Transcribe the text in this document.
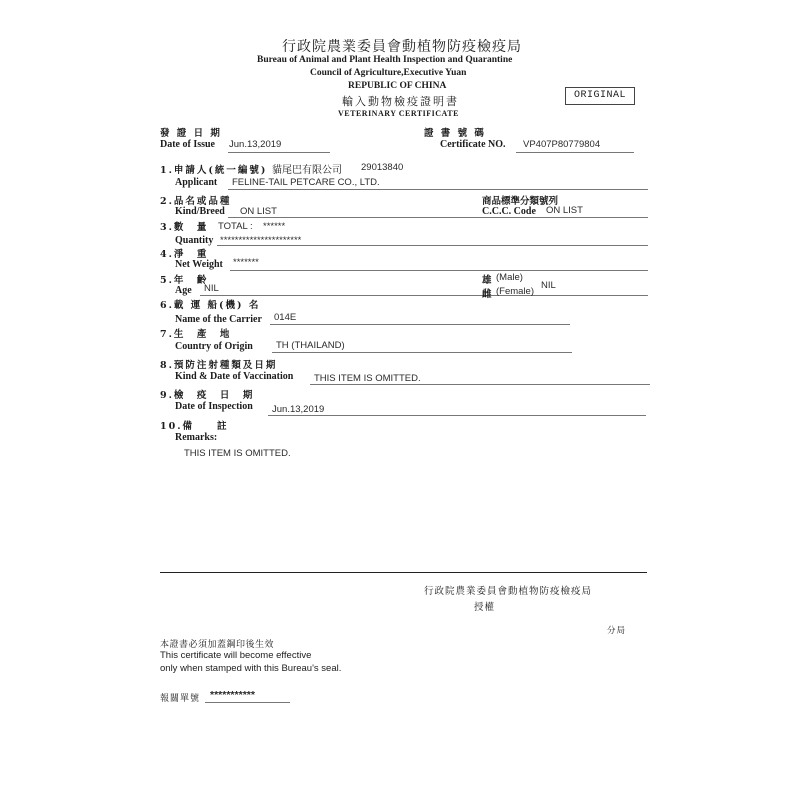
行政院農業委員會動植物防疫檢疫局
Bureau of Animal and Plant Health Inspection and Quarantine
Council of Agriculture,Executive Yuan
REPUBLIC OF CHINA
輸入動物檢疫證明書
VETERINARY CERTIFICATE
ORIGINAL
發 證 日 期
Date of Issue Jun.13,2019
證 書 號 碼
Certificate NO. VP407P80779804
1.申請人(統一編號) 貓尾巴有限公司 29013840
Applicant FELINE-TAIL PETCARE CO., LTD.
2.品名或品種
Kind/Breed ON LIST
商品標準分類號列
C.C.C. Code ON LIST
3.數　量 TOTAL : ******
Quantity **********************
4.淨　重
Net Weight *******
5.年　齡
Age NIL
雄 (Male)
雌 (Female)
NIL
6.載 運 船(機) 名
Name of the Carrier 014E
7.生　產　地
Country of Origin TH (THAILAND)
8.預防注射種類及日期
Kind & Date of Vaccination THIS ITEM IS OMITTED.
9.檢　疫　日　期
Date of Inspection Jun.13,2019
10.備　　註
Remarks:
THIS ITEM IS OMITTED.
行政院農業委員會動植物防疫檢疫局
授權
分局
本證書必須加蓋鋼印後生效
This certificate will become effective
only when stamped with this Bureau's seal.
報關單號 ***********
